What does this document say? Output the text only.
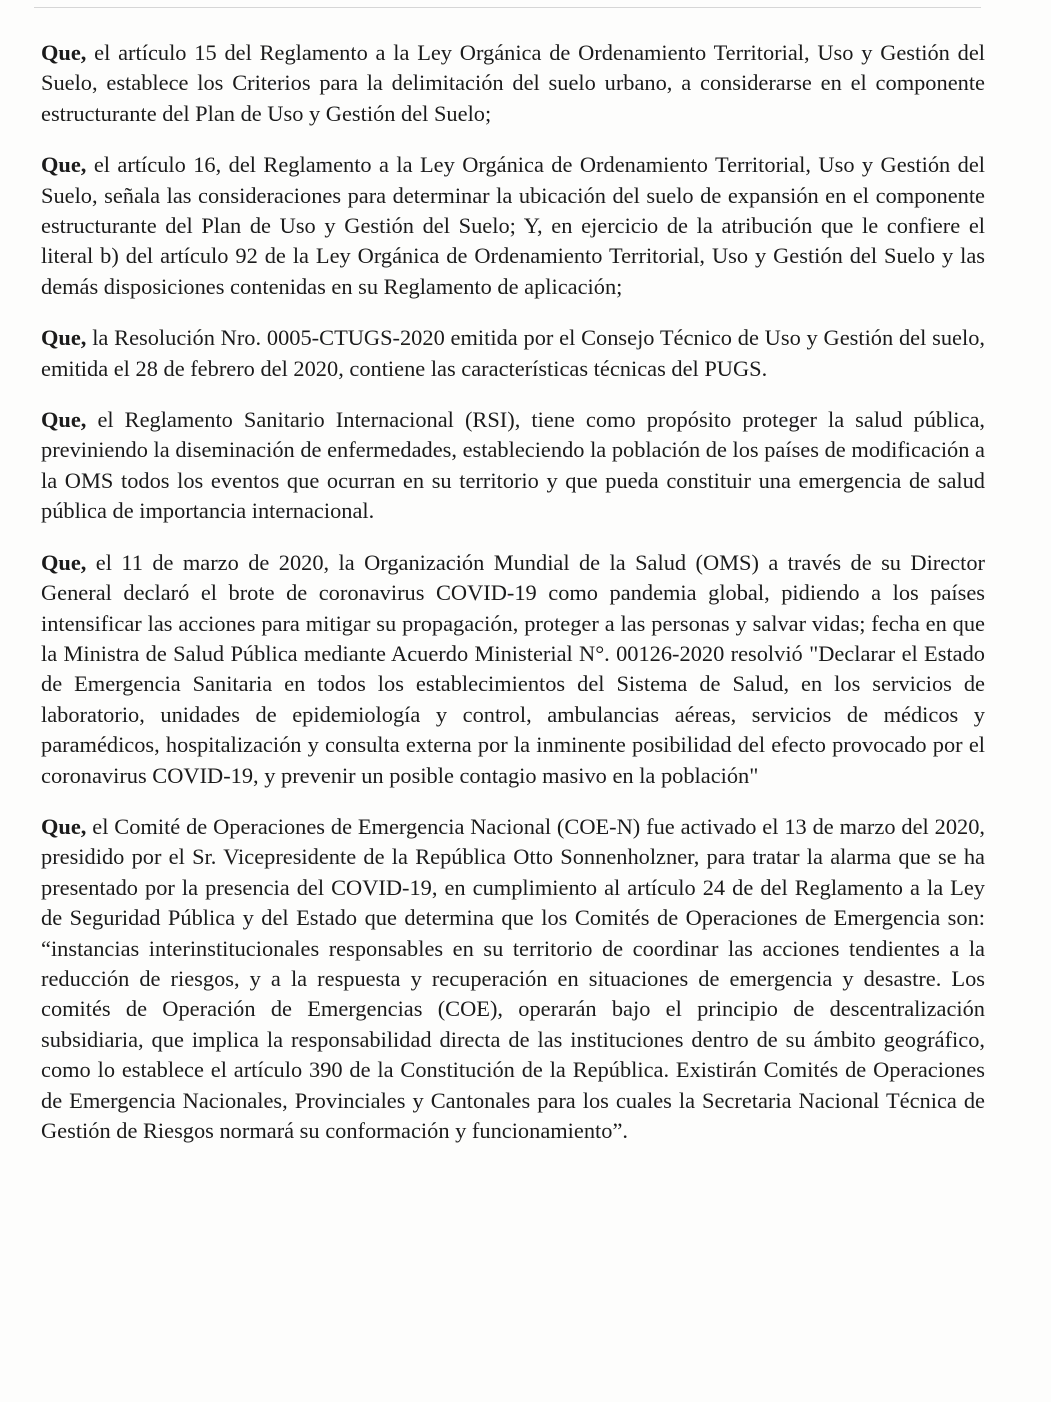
Que, el artículo 15 del Reglamento a la Ley Orgánica de Ordenamiento Territorial, Uso y Gestión del Suelo, establece los Criterios para la delimitación del suelo urbano, a considerarse en el componente estructurante del Plan de Uso y Gestión del Suelo;

Que, el artículo 16, del Reglamento a la Ley Orgánica de Ordenamiento Territorial, Uso y Gestión del Suelo, señala las consideraciones para determinar la ubicación del suelo de expansión en el componente estructurante del Plan de Uso y Gestión del Suelo; Y, en ejercicio de la atribución que le confiere el literal b) del artículo 92 de la Ley Orgánica de Ordenamiento Territorial, Uso y Gestión del Suelo y las demás disposiciones contenidas en su Reglamento de aplicación;

Que, la Resolución Nro. 0005-CTUGS-2020 emitida por el Consejo Técnico de Uso y Gestión del suelo, emitida el 28 de febrero del 2020, contiene las características técnicas del PUGS.

Que, el Reglamento Sanitario Internacional (RSI), tiene como propósito proteger la salud pública, previniendo la diseminación de enfermedades, estableciendo la población de los países de modificación a la OMS todos los eventos que ocurran en su territorio y que pueda constituir una emergencia de salud pública de importancia internacional.

Que, el 11 de marzo de 2020, la Organización Mundial de la Salud (OMS) a través de su Director General declaró el brote de coronavirus COVID-19 como pandemia global, pidiendo a los países intensificar las acciones para mitigar su propagación, proteger a las personas y salvar vidas; fecha en que la Ministra de Salud Pública mediante Acuerdo Ministerial N°. 00126-2020 resolvió "Declarar el Estado de Emergencia Sanitaria en todos los establecimientos del Sistema de Salud, en los servicios de laboratorio, unidades de epidemiología y control, ambulancias aéreas, servicios de médicos y paramédicos, hospitalización y consulta externa por la inminente posibilidad del efecto provocado por el coronavirus COVID-19, y prevenir un posible contagio masivo en la población"

Que, el Comité de Operaciones de Emergencia Nacional (COE-N) fue activado el 13 de marzo del 2020, presidido por el Sr. Vicepresidente de la República Otto Sonnenholzner, para tratar la alarma que se ha presentado por la presencia del COVID-19, en cumplimiento al artículo 24 de del Reglamento a la Ley de Seguridad Pública y del Estado que determina que los Comités de Operaciones de Emergencia son: “instancias interinstitucionales responsables en su territorio de coordinar las acciones tendientes a la reducción de riesgos, y a la respuesta y recuperación en situaciones de emergencia y desastre. Los comités de Operación de Emergencias (COE), operarán bajo el principio de descentralización subsidiaria, que implica la responsabilidad directa de las instituciones dentro de su ámbito geográfico, como lo establece el artículo 390 de la Constitución de la República. Existirán Comités de Operaciones de Emergencia Nacionales, Provinciales y Cantonales para los cuales la Secretaria Nacional Técnica de Gestión de Riesgos normará su conformación y funcionamiento”.
